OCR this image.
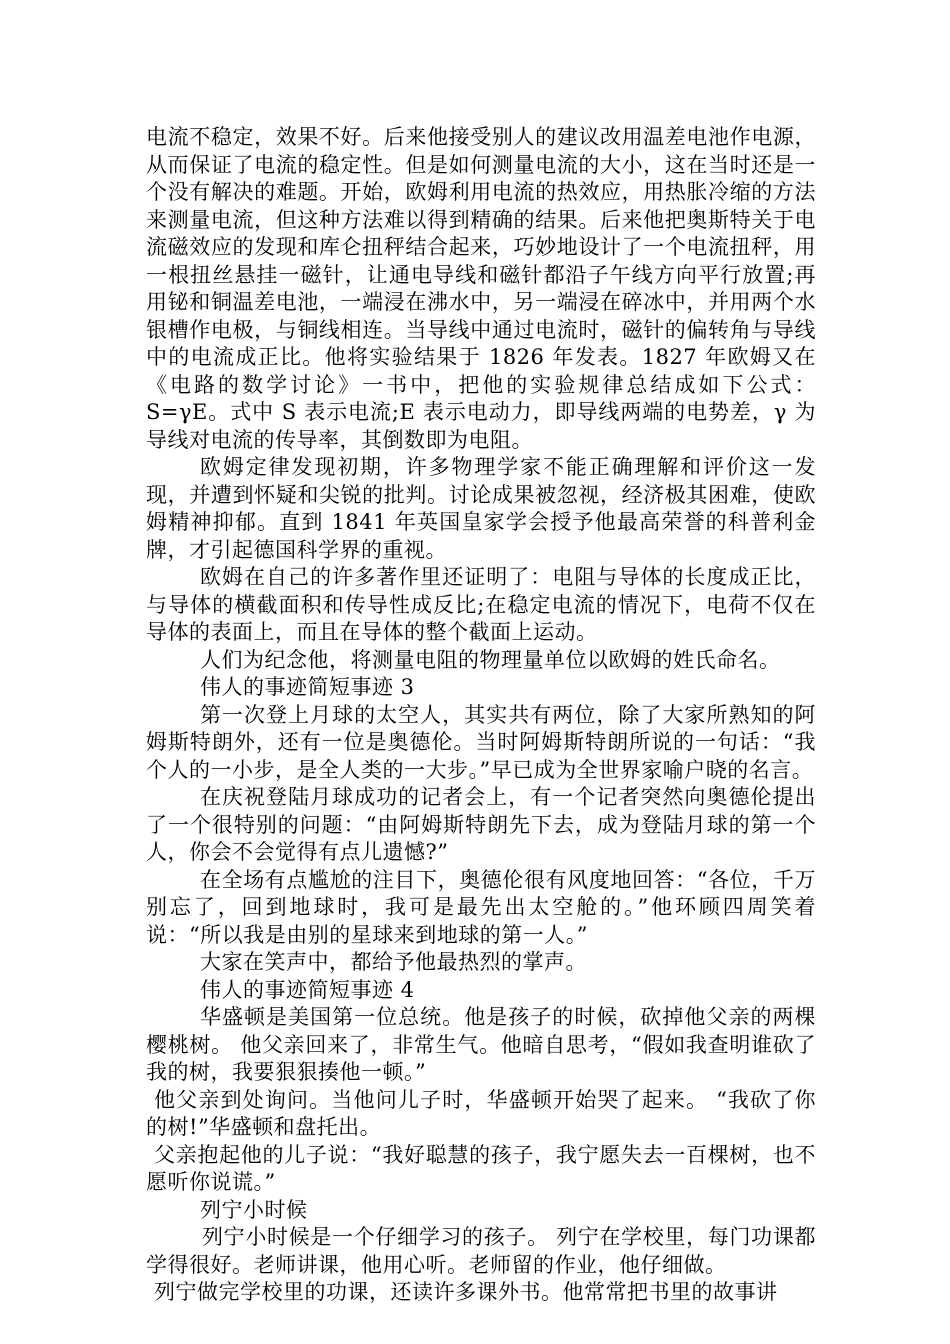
电流不稳定，效果不好。后来他接受别人的建议改用温差电池作电源，从而保证了电流的稳定性。但是如何测量电流的大小，这在当时还是一个没有解决的难题。开始，欧姆利用电流的热效应，用热胀冷缩的方法来测量电流，但这种方法难以得到精确的结果。后来他把奥斯特关于电流磁效应的发现和库仑扭秤结合起来，巧妙地设计了一个电流扭秤，用一根扭丝悬挂一磁针，让通电导线和磁针都沿子午线方向平行放置;再用铋和铜温差电池，一端浸在沸水中，另一端浸在碎冰中，并用两个水银槽作电极，与铜线相连。当导线中通过电流时，磁针的偏转角与导线中的电流成正比。他将实验结果于 1826 年发表。1827 年欧姆又在《电路的数学讨论》一书中，把他的实验规律总结成如下公式：S=γE。式中 S 表示电流;E 表示电动力，即导线两端的电势差，γ 为导线对电流的传导率，其倒数即为电阻。

欧姆定律发现初期，许多物理学家不能正确理解和评价这一发现，并遭到怀疑和尖锐的批判。讨论成果被忽视，经济极其困难，使欧姆精神抑郁。直到 1841 年英国皇家学会授予他最高荣誉的科普利金牌，才引起德国科学界的重视。

欧姆在自己的许多著作里还证明了：电阻与导体的长度成正比，与导体的横截面积和传导性成反比;在稳定电流的情况下，电荷不仅在导体的表面上，而且在导体的整个截面上运动。

人们为纪念他，将测量电阻的物理量单位以欧姆的姓氏命名。

伟人的事迹简短事迹 3

第一次登上月球的太空人，其实共有两位，除了大家所熟知的阿姆斯特朗外，还有一位是奥德伦。当时阿姆斯特朗所说的一句话：“我个人的一小步，是全人类的一大步。”早已成为全世界家喻户晓的名言。

在庆祝登陆月球成功的记者会上，有一个记者突然向奥德伦提出了一个很特别的问题：“由阿姆斯特朗先下去，成为登陆月球的第一个人，你会不会觉得有点儿遗憾?”

在全场有点尴尬的注目下，奥德伦很有风度地回答：“各位，千万别忘了，回到地球时，我可是最先出太空舱的。”他环顾四周笑着说：“所以我是由别的星球来到地球的第一人。”

大家在笑声中，都给予他最热烈的掌声。

伟人的事迹简短事迹 4

华盛顿是美国第一位总统。他是孩子的时候，砍掉他父亲的两棵樱桃树。 他父亲回来了，非常生气。他暗自思考，“假如我查明谁砍了我的树，我要狠狠揍他一顿。”

他父亲到处询问。当他问儿子时，华盛顿开始哭了起来。 “我砍了你的树!”华盛顿和盘托出。

父亲抱起他的儿子说：“我好聪慧的孩子，我宁愿失去一百棵树，也不愿听你说谎。”

列宁小时候

列宁小时候是一个仔细学习的孩子。 列宁在学校里，每门功课都学得很好。老师讲课，他用心听。老师留的作业，他仔细做。

列宁做完学校里的功课，还读许多课外书。他常常把书里的故事讲
